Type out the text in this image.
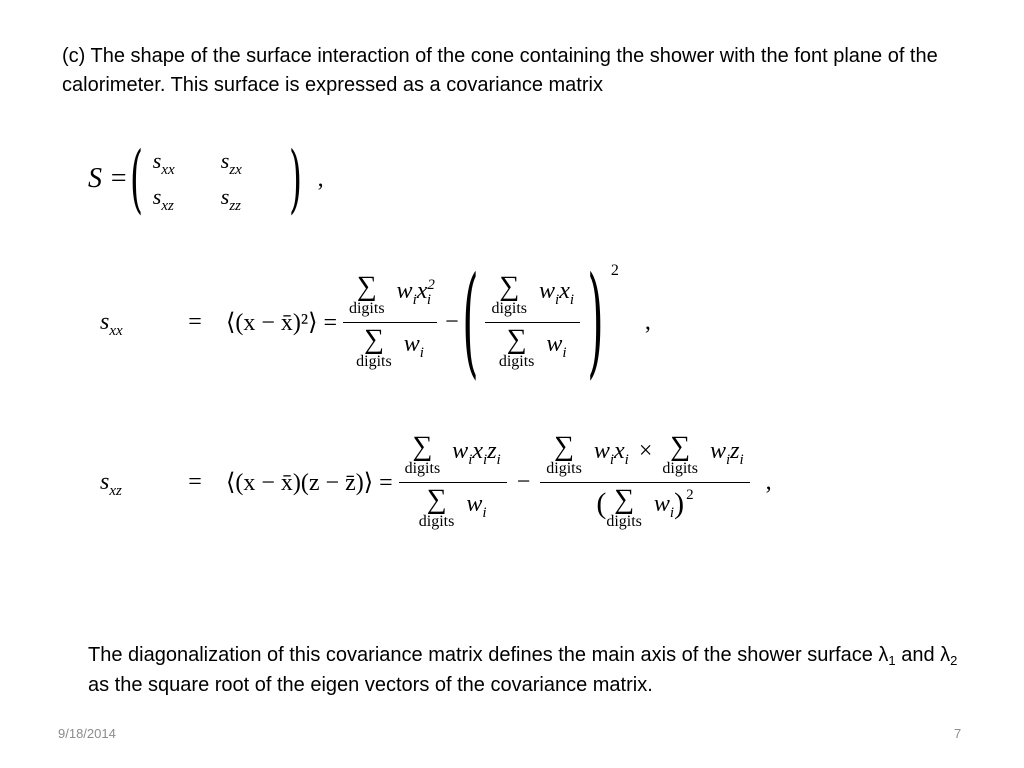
(c) The shape of the surface interaction of the cone containing the shower with the font plane of the calorimeter. This surface is expressed as a covariance matrix

S = ( $s_{xx}$	$s_{zx}$
$s_{xz}$	$s_{zz}$ ) ,
$s_{xx}$	=	⟨(x − x̄)²⟩ = ∑
digits
$w_ix^2_i$
∑
digits
$w_i$ − ( ∑
digits
$w_ix_i$
∑
digits
$w_i$ ) 2
,
$s_{xz}$	=	⟨(x − x̄)(z − z̄)⟩ = ∑
digits
$w_ix_iz_i$
∑
digits
$w_i$ − ∑
digits
$w_ix_i$ × ∑
digits
$w_iz_i$
( ∑
digits
$w_i$ ) 2 ,

The diagonalization of this covariance matrix defines the main axis of the shower surface $\lambda_1$ and $\lambda_2$ as the square root of the eigen vectors of the covariance matrix.

9/18/2014	7
